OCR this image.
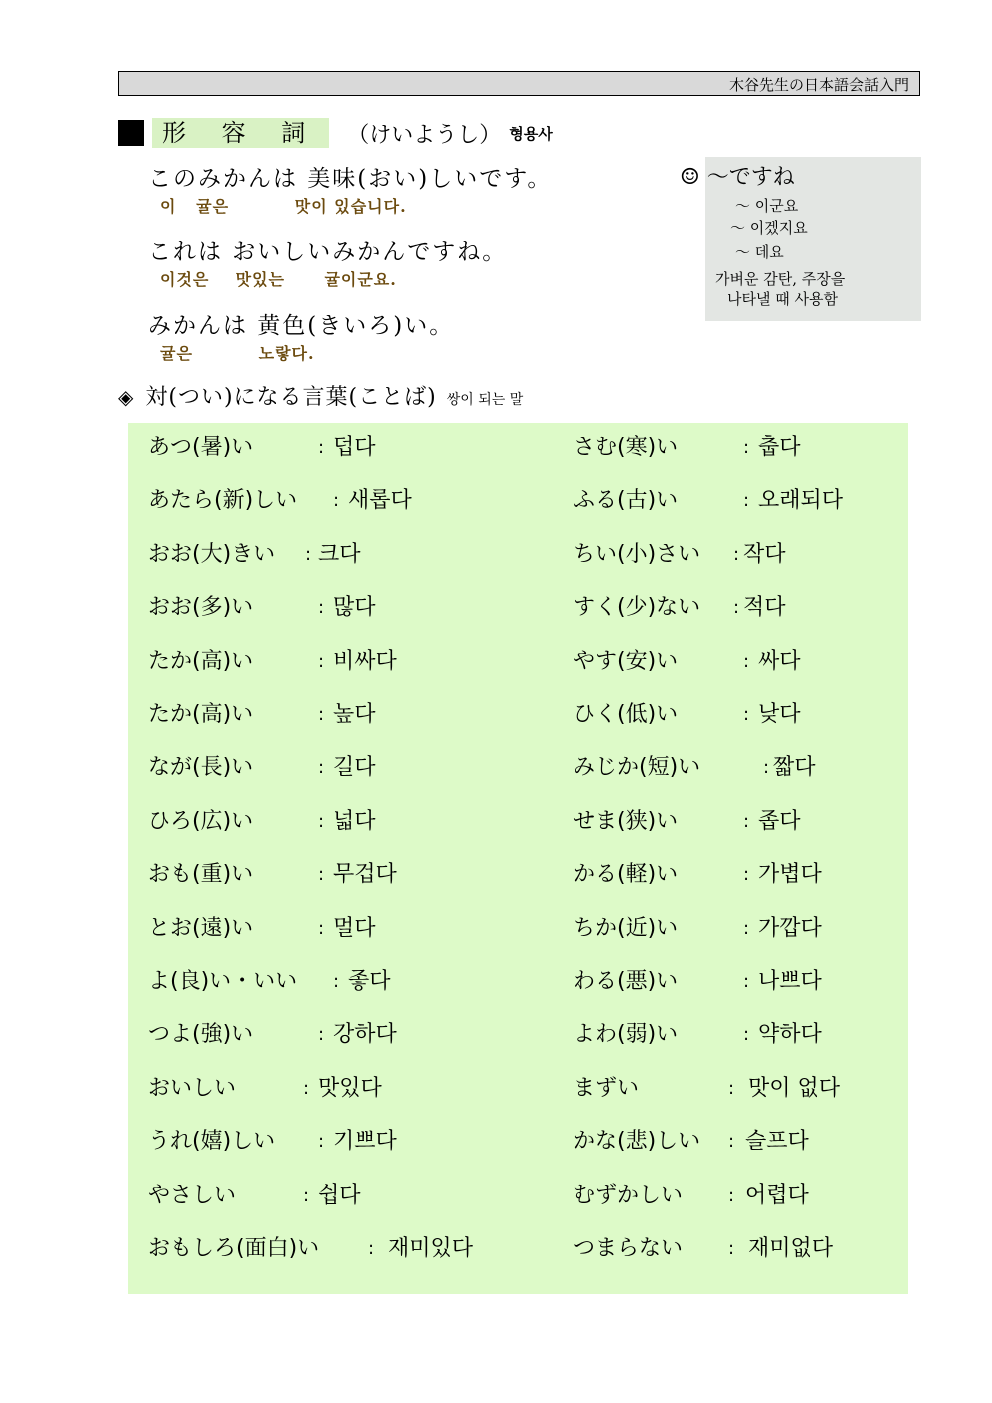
木谷先生の日本語会話入門
形 容 詞	（けいようし） 형용사
このみかんは 美味(おい)しいです。
이   귤은          맛이 있습니다.
これは おいしいみかんですね。
이것은    맛있는      귤이군요.
みかんは 黄色(きいろ)い。
귤은          노랗다.
☺ ～ですね
～ 이군요
～ 이겠지요
～ 데요
가벼운 감탄, 주장을
나타낼 때 사용함
◈ 対(つい)になる言葉(ことば) 쌍이 되는 말
あつ(暑)い	: 덥다	さむ(寒)い	: 춥다
あたら(新)しい : 새롭다	ふる(古)い	: 오래되다
おお(大)きい : 크다	ちい(小)さい : 작다
おお(多)い	: 많다	すく(少)ない : 적다
たか(高)い	: 비싸다	やす(安)い	: 싸다
たか(高)い	: 높다	ひく(低)い	: 낮다
なが(長)い	: 길다	みじか(短)い	: 짧다
ひろ(広)い	: 넓다	せま(狭)い	: 좁다
おも(重)い	: 무겁다	かる(軽)い	: 가볍다
とお(遠)い	: 멀다	ちか(近)い	: 가깝다
よ(良)い・いい : 좋다	わる(悪)い	: 나쁘다
つよ(強)い	: 강하다	よわ(弱)い	: 약하다
おいしい	: 맛있다	まずい	: 맛이 없다
うれ(嬉)しい : 기쁘다	かな(悲)しい : 슬프다
やさしい	: 쉽다	むずかしい : 어렵다
おもしろ(面白)い	: 재미있다	つまらない : 재미없다
